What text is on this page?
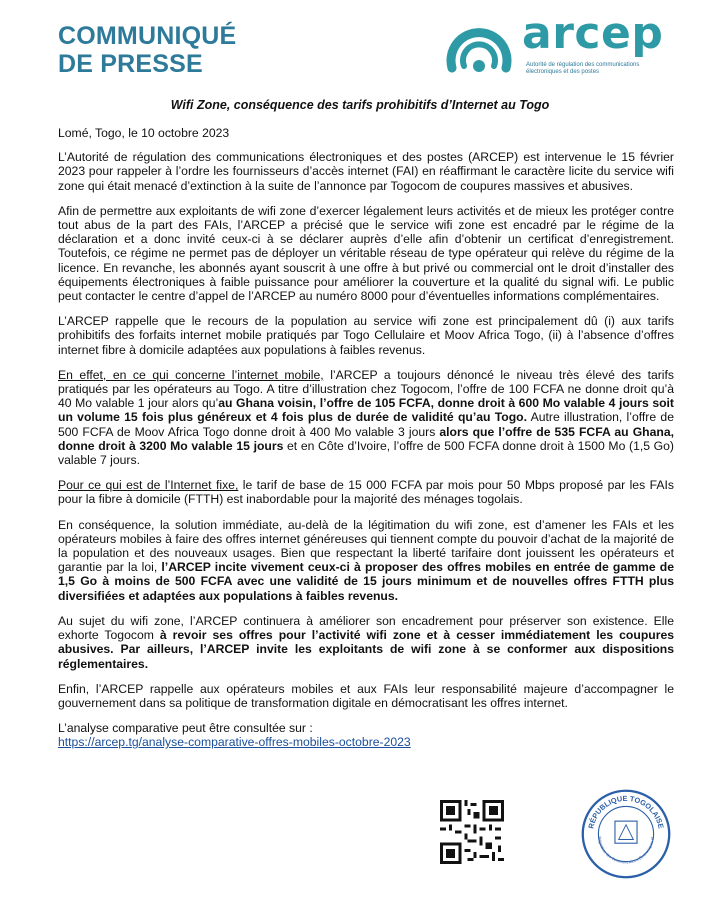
COMMUNIQUÉ
DE PRESSE
arcep
Autorité de régulation des communications électroniques et des postes
Wifi Zone, conséquence des tarifs prohibitifs d’Internet au Togo

Lomé, Togo, le 10 octobre 2023

L’Autorité de régulation des communications électroniques et des postes (ARCEP) est intervenue le 15 février 2023 pour rappeler à l’ordre les fournisseurs d’accès internet (FAI) en réaffirmant le caractère licite du service wifi zone qui était menacé d’extinction à la suite de l’annonce par Togocom de coupures massives et abusives.

Afin de permettre aux exploitants de wifi zone d’exercer légalement leurs activités et de mieux les protéger contre tout abus de la part des FAIs, l’ARCEP a précisé que le service wifi zone est encadré par le régime de la déclaration et a donc invité ceux-ci à se déclarer auprès d’elle afin d’obtenir un certificat d’enregistrement. Toutefois, ce régime ne permet pas de déployer un véritable réseau de type opérateur qui relève du régime de la licence. En revanche, les abonnés ayant souscrit à une offre à but privé ou commercial ont le droit d’installer des équipements électroniques à faible puissance pour améliorer la couverture et la qualité du signal wifi. Le public peut contacter le centre d’appel de l’ARCEP au numéro 8000 pour d’éventuelles informations complémentaires.

L’ARCEP rappelle que le recours de la population au service wifi zone est principalement dû (i) aux tarifs prohibitifs des forfaits internet mobile pratiqués par Togo Cellulaire et Moov Africa Togo, (ii) à l’absence d’offres internet fibre à domicile adaptées aux populations à faibles revenus.

En effet, en ce qui concerne l’internet mobile, l’ARCEP a toujours dénoncé le niveau très élevé des tarifs pratiqués par les opérateurs au Togo. A titre d’illustration chez Togocom, l’offre de 100 FCFA ne donne droit qu’à 40 Mo valable 1 jour alors qu’au Ghana voisin, l’offre de 105 FCFA, donne droit à 600 Mo valable 4 jours soit un volume 15 fois plus généreux et 4 fois plus de durée de validité qu’au Togo. Autre illustration, l’offre de 500 FCFA de Moov Africa Togo donne droit à 400 Mo valable 3 jours alors que l’offre de 535 FCFA au Ghana, donne droit à 3200 Mo valable 15 jours et en Côte d’Ivoire, l’offre de 500 FCFA donne droit à 1500 Mo (1,5 Go) valable 7 jours.

Pour ce qui est de l’Internet fixe, le tarif de base de 15 000 FCFA par mois pour 50 Mbps proposé par les FAIs pour la fibre à domicile (FTTH) est inabordable pour la majorité des ménages togolais.

En conséquence, la solution immédiate, au-delà de la légitimation du wifi zone, est d’amener les FAIs et les opérateurs mobiles à faire des offres internet généreuses qui tiennent compte du pouvoir d’achat de la majorité de la population et des nouveaux usages. Bien que respectant la liberté tarifaire dont jouissent les opérateurs et garantie par la loi, l’ARCEP incite vivement ceux-ci à proposer des offres mobiles en entrée de gamme de 1,5 Go à moins de 500 FCFA avec une validité de 15 jours minimum et de nouvelles offres FTTH plus diversifiées et adaptées aux populations à faibles revenus.

Au sujet du wifi zone, l’ARCEP continuera à améliorer son encadrement pour préserver son existence. Elle exhorte Togocom à revoir ses offres pour l’activité wifi zone et à cesser immédiatement les coupures abusives. Par ailleurs, l’ARCEP invite les exploitants de wifi zone à se conformer aux dispositions réglementaires.

Enfin, l’ARCEP rappelle aux opérateurs mobiles et aux FAIs leur responsabilité majeure d’accompagner le gouvernement dans sa politique de transformation digitale en démocratisant les offres internet.

L’analyse comparative peut être consultée sur :
https://arcep.tg/analyse-comparative-offres-mobiles-octobre-2023

RÉPUBLIQUE TOGOLAISE
Régulation des Communications Électroniques et
